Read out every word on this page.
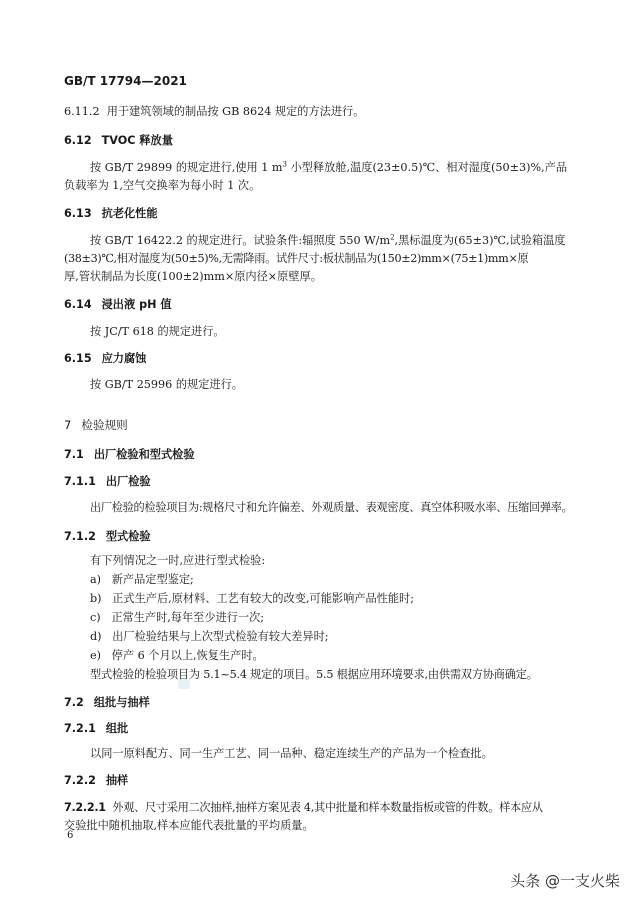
GB/T 17794—2021
6.11.2 用于建筑领域的制品按 GB 8624 规定的方法进行。
6.12 TVOC 释放量
按 GB/T 29899 的规定进行,使用 1 $m^3$ 小型释放舱,温度(23±0.5)℃、相对湿度(50±3)%,产品
负载率为 1,空气交换率为每小时 1 次。
6.13 抗老化性能
按 GB/T 16422.2 的规定进行。试验条件:辐照度 550 $W/m^2$,黑标温度为(65±3)℃,试验箱温度
(38±3)℃,相对湿度为(50±5)%,无需降雨。试件尺寸:板状制品为(150±2)mm×(75±1)mm×原
厚,管状制品为长度(100±2)mm×原内径×原壁厚。
6.14 浸出液 pH 值
按 JC/T 618 的规定进行。
6.15 应力腐蚀
按 GB/T 25996 的规定进行。
7 检验规则
7.1 出厂检验和型式检验
7.1.1 出厂检验
出厂检验的检验项目为:规格尺寸和允许偏差、外观质量、表观密度、真空体积吸水率、压缩回弹率。
7.1.2 型式检验
有下列情况之一时,应进行型式检验:
a) 新产品定型鉴定;
b) 正式生产后,原材料、工艺有较大的改变,可能影响产品性能时;
c) 正常生产时,每年至少进行一次;
d) 出厂检验结果与上次型式检验有较大差异时;
e) 停产 6 个月以上,恢复生产时。
型式检验的检验项目为 5.1~5.4 规定的项目。5.5 根据应用环境要求,由供需双方协商确定。
7.2 组批与抽样
7.2.1 组批
以同一原料配方、同一生产工艺、同一品种、稳定连续生产的产品为一个检查批。
7.2.2 抽样
7.2.2.1 外观、尺寸采用二次抽样,抽样方案见表 4,其中批量和样本数量指板或管的件数。样本应从
交验批中随机抽取,样本应能代表批量的平均质量。
6
头条 @一支火柴
